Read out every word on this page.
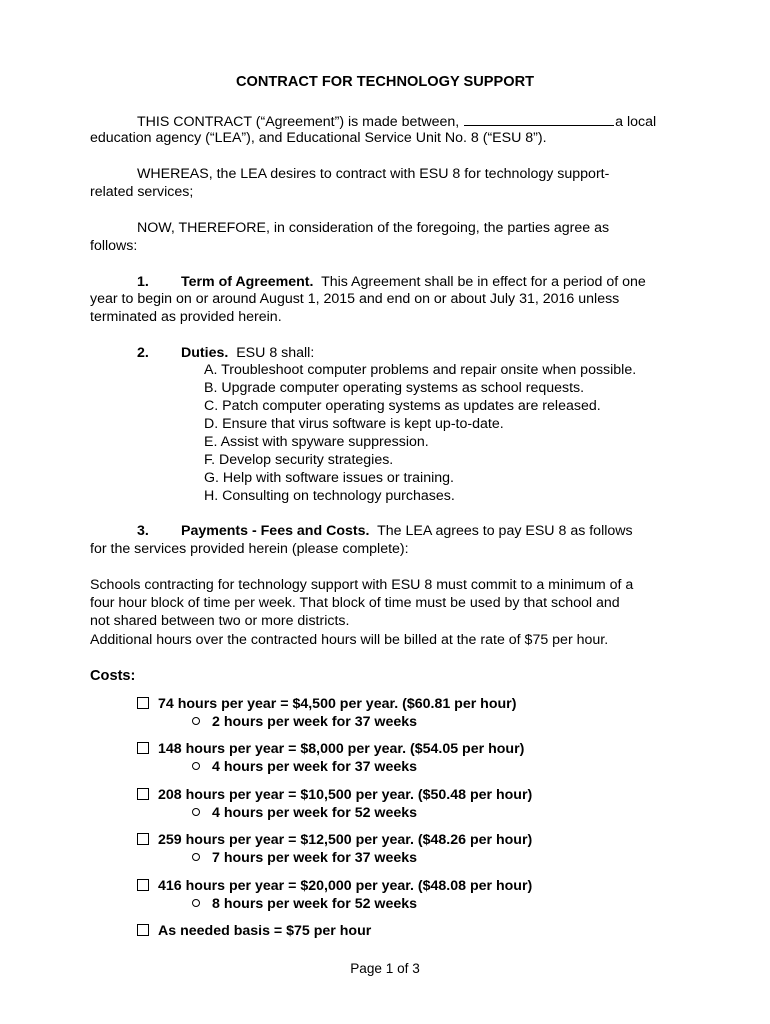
CONTRACT FOR TECHNOLOGY SUPPORT
THIS CONTRACT (“Agreement”) is made between,	a local
education agency (“LEA”), and Educational Service Unit No. 8 (“ESU 8”).
WHEREAS, the LEA desires to contract with ESU 8 for technology support-
related services;
NOW, THEREFORE, in consideration of the foregoing, the parties agree as
follows:
1. Term of Agreement. This Agreement shall be in effect for a period of one
year to begin on or around August 1, 2015 and end on or about July 31, 2016 unless
terminated as provided herein.
2. Duties. ESU 8 shall:
A. Troubleshoot computer problems and repair onsite when possible.
B. Upgrade computer operating systems as school requests.
C. Patch computer operating systems as updates are released.
D. Ensure that virus software is kept up-to-date.
E. Assist with spyware suppression.
F. Develop security strategies.
G. Help with software issues or training.
H. Consulting on technology purchases.
3. Payments - Fees and Costs. The LEA agrees to pay ESU 8 as follows
for the services provided herein (please complete):
Schools contracting for technology support with ESU 8 must commit to a minimum of a
four hour block of time per week. That block of time must be used by that school and
not shared between two or more districts.
Additional hours over the contracted hours will be billed at the rate of $75 per hour.
Costs:
74 hours per year = $4,500 per year. ($60.81 per hour)
2 hours per week for 37 weeks
148 hours per year = $8,000 per year. ($54.05 per hour)
4 hours per week for 37 weeks
208 hours per year = $10,500 per year. ($50.48 per hour)
4 hours per week for 52 weeks
259 hours per year = $12,500 per year. ($48.26 per hour)
7 hours per week for 37 weeks
416 hours per year = $20,000 per year. ($48.08 per hour)
8 hours per week for 52 weeks
As needed basis = $75 per hour
Page 1 of 3
